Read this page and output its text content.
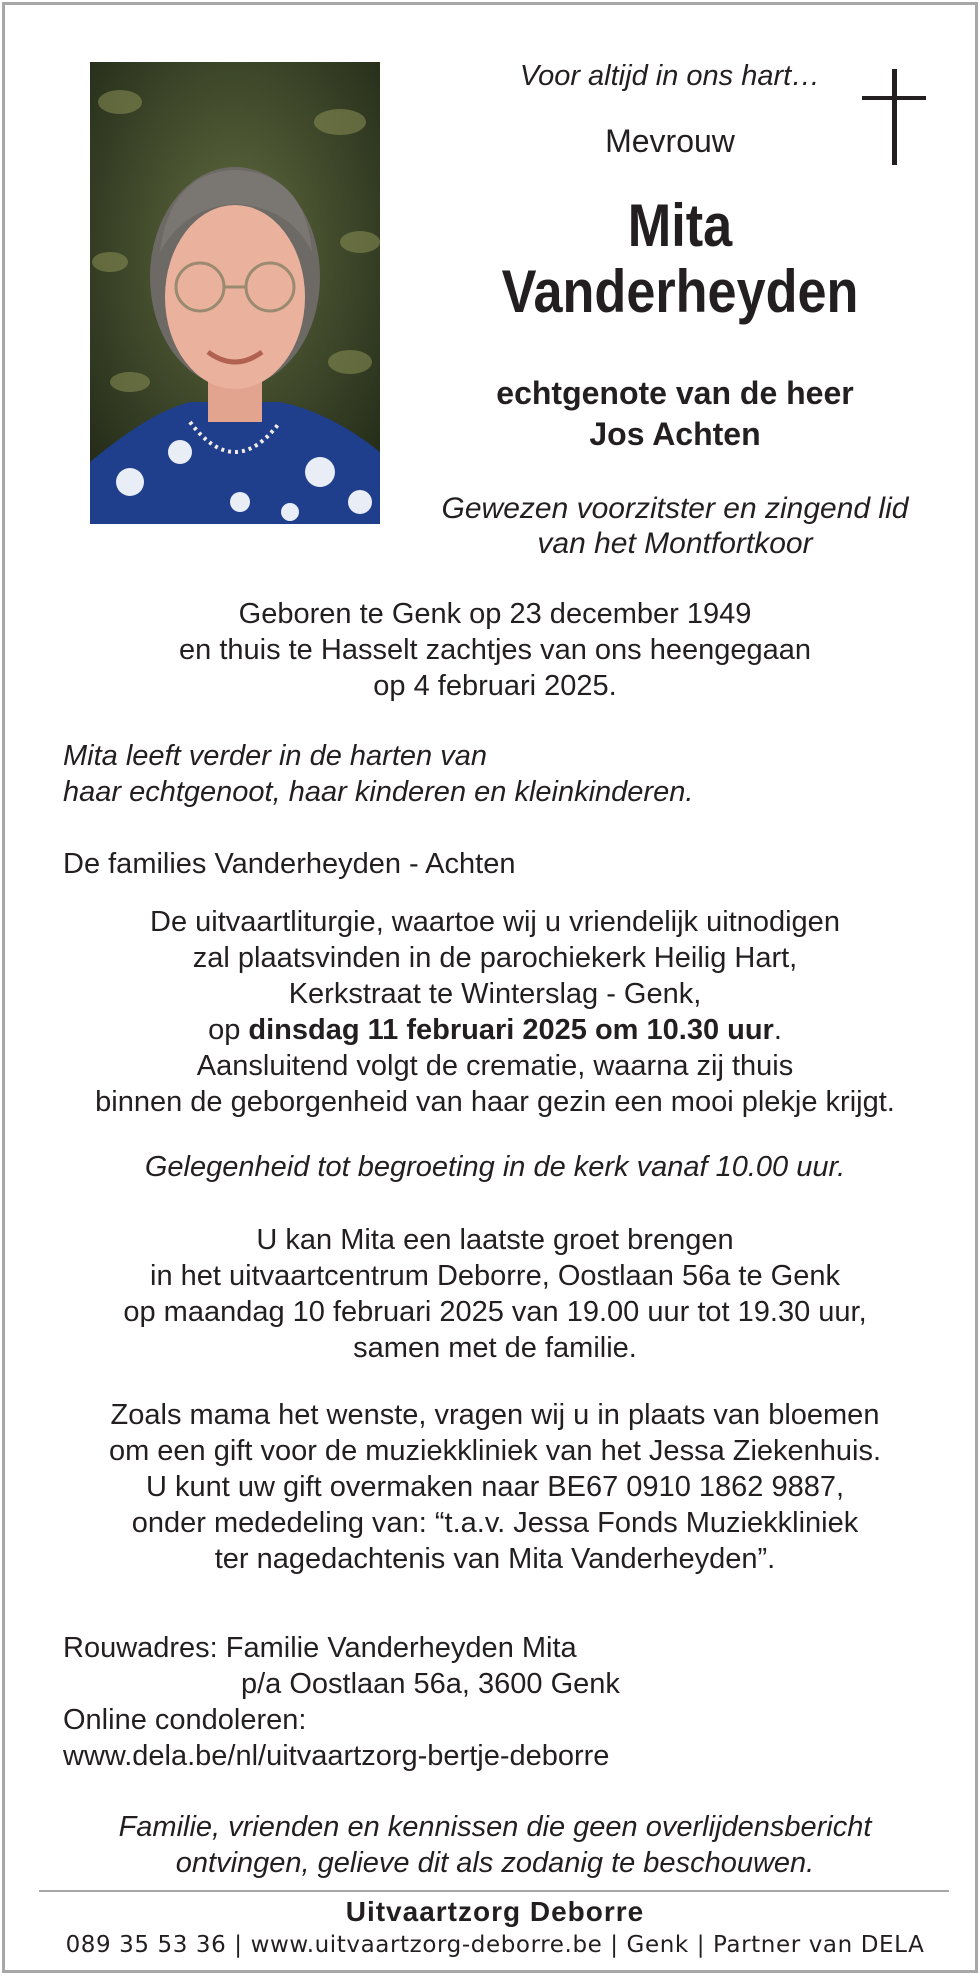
Voor altijd in ons hart…
Mevrouw
Mita
Vanderheyden
echtgenote van de heer
Jos Achten
Gewezen voorzitster en zingend lid
van het Montfortkoor
Geboren te Genk op 23 december 1949
en thuis te Hasselt zachtjes van ons heengegaan
op 4 februari 2025.
Mita leeft verder in de harten van
haar echtgenoot, haar kinderen en kleinkinderen.
De families Vanderheyden - Achten
De uitvaartliturgie, waartoe wij u vriendelijk uitnodigen
zal plaatsvinden in de parochiekerk Heilig Hart,
Kerkstraat te Winterslag - Genk,
op dinsdag 11 februari 2025 om 10.30 uur.
Aansluitend volgt de crematie, waarna zij thuis
binnen de geborgenheid van haar gezin een mooi plekje krijgt.
Gelegenheid tot begroeting in de kerk vanaf 10.00 uur.
U kan Mita een laatste groet brengen
in het uitvaartcentrum Deborre, Oostlaan 56a te Genk
op maandag 10 februari 2025 van 19.00 uur tot 19.30 uur,
samen met de familie.
Zoals mama het wenste, vragen wij u in plaats van bloemen
om een gift voor de muziekkliniek van het Jessa Ziekenhuis.
U kunt uw gift overmaken naar BE67 0910 1862 9887,
onder mededeling van: “t.a.v. Jessa Fonds Muziekkliniek
ter nagedachtenis van Mita Vanderheyden”.
Rouwadres: Familie Vanderheyden Mita
p/a Oostlaan 56a, 3600 Genk
Online condoleren:
www.dela.be/nl/uitvaartzorg-bertje-deborre
Familie, vrienden en kennissen die geen overlijdensbericht
ontvingen, gelieve dit als zodanig te beschouwen.
Uitvaartzorg Deborre
089 35 53 36 | www.uitvaartzorg-deborre.be | Genk | Partner van DELA
